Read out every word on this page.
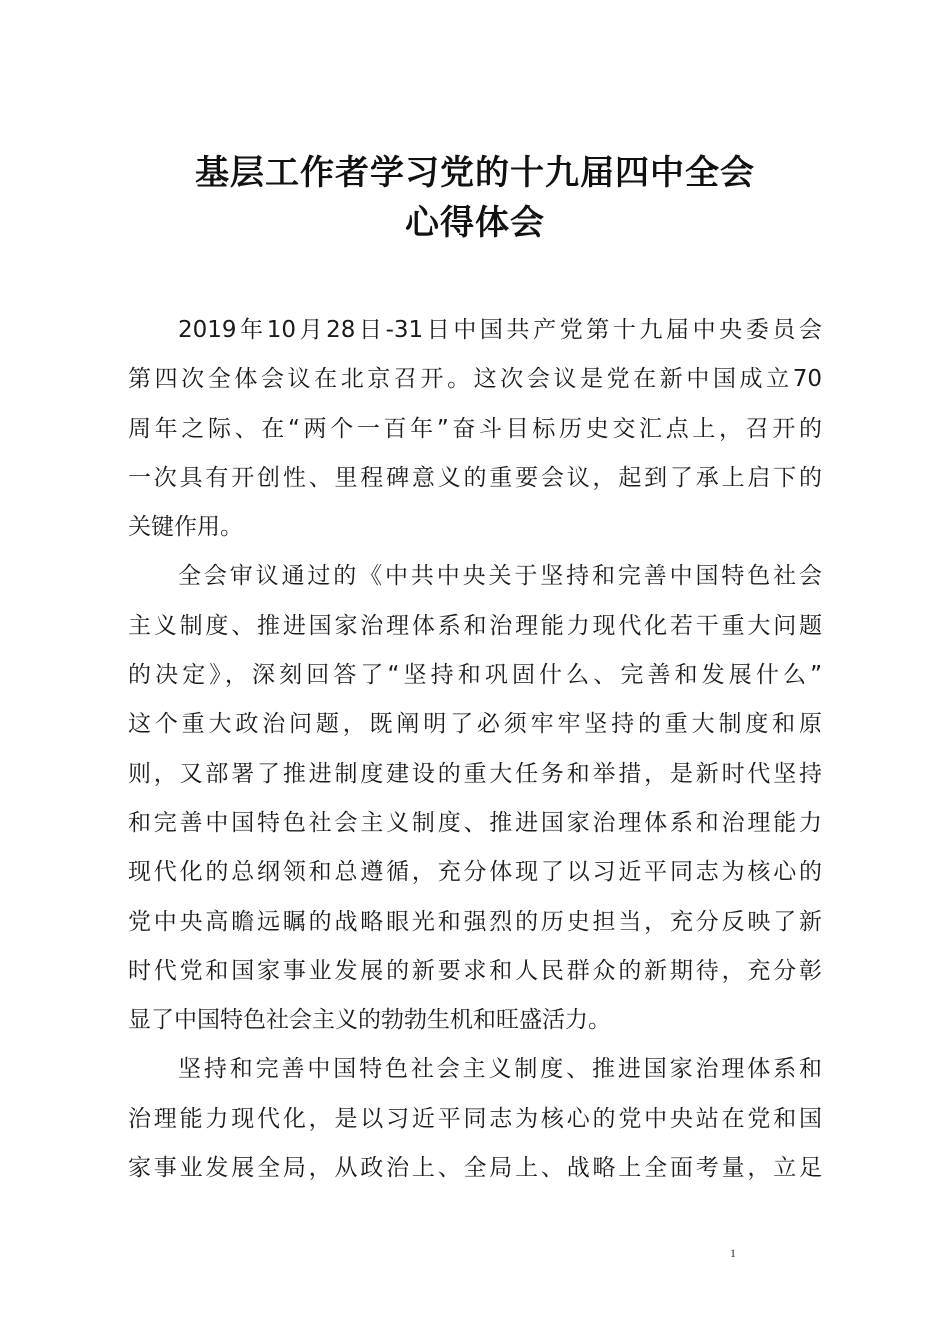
基层工作者学习党的十九届四中全会
心得体会
2019年10月28日-31日中国共产党第十九届中央委员会
第四次全体会议在北京召开。这次会议是党在新中国成立70
周年之际、在“两个一百年”奋斗目标历史交汇点上，召开的
一次具有开创性、里程碑意义的重要会议，起到了承上启下的
关键作用。
全会审议通过的《中共中央关于坚持和完善中国特色社会
主义制度、推进国家治理体系和治理能力现代化若干重大问题
的决定》，深刻回答了“坚持和巩固什么、完善和发展什么”
这个重大政治问题，既阐明了必须牢牢坚持的重大制度和原
则，又部署了推进制度建设的重大任务和举措，是新时代坚持
和完善中国特色社会主义制度、推进国家治理体系和治理能力
现代化的总纲领和总遵循，充分体现了以习近平同志为核心的
党中央高瞻远瞩的战略眼光和强烈的历史担当，充分反映了新
时代党和国家事业发展的新要求和人民群众的新期待，充分彰
显了中国特色社会主义的勃勃生机和旺盛活力。
坚持和完善中国特色社会主义制度、推进国家治理体系和
治理能力现代化，是以习近平同志为核心的党中央站在党和国
家事业发展全局，从政治上、全局上、战略上全面考量，立足
1
